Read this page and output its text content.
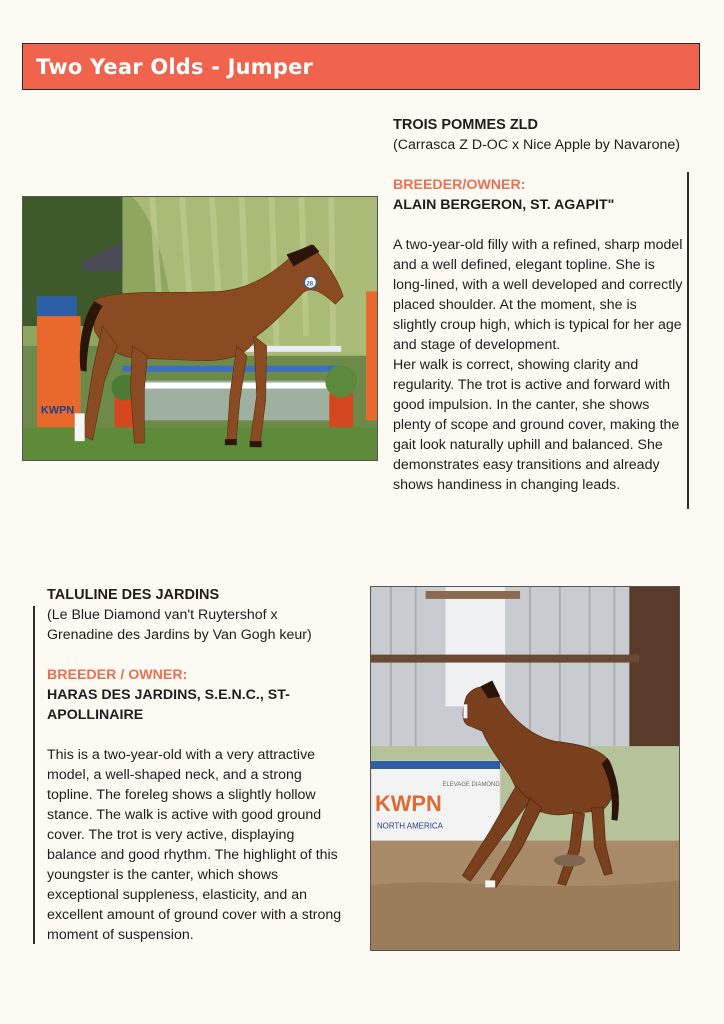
Two Year Olds - Jumper

TROIS POMMES ZLD

(Carrasca Z D-OC x Nice Apple by Navarone)

BREEDER/OWNER:

ALAIN BERGERON, ST. AGAPIT"

A two-year-old filly with a refined, sharp model and a well defined, elegant topline. She is long-lined, with a well developed and correctly placed shoulder. At the moment, she is slightly croup high, which is typical for her age and stage of development.

Her walk is correct, showing clarity and regularity. The trot is active and forward with good impulsion. In the canter, she shows plenty of scope and ground cover, making the gait look naturally uphill and balanced. She demonstrates easy transitions and already shows handiness in changing leads.

KWPN
28

TALULINE DES JARDINS

(Le Blue Diamond van't Ruytershof x Grenadine des Jardins by Van Gogh keur)

BREEDER / OWNER:

HARAS DES JARDINS, S.E.N.C., ST-APOLLINAIRE

This is a two-year-old with a very attractive model, a well-shaped neck, and a strong topline. The foreleg shows a slightly hollow stance. The walk is active with good ground cover. The trot is very active, displaying balance and good rhythm. The highlight of this youngster is the canter, which shows exceptional suppleness, elasticity, and an excellent amount of ground cover with a strong moment of suspension.

KWPN
NORTH AMERICA
ELEVAGE DIAMOND
